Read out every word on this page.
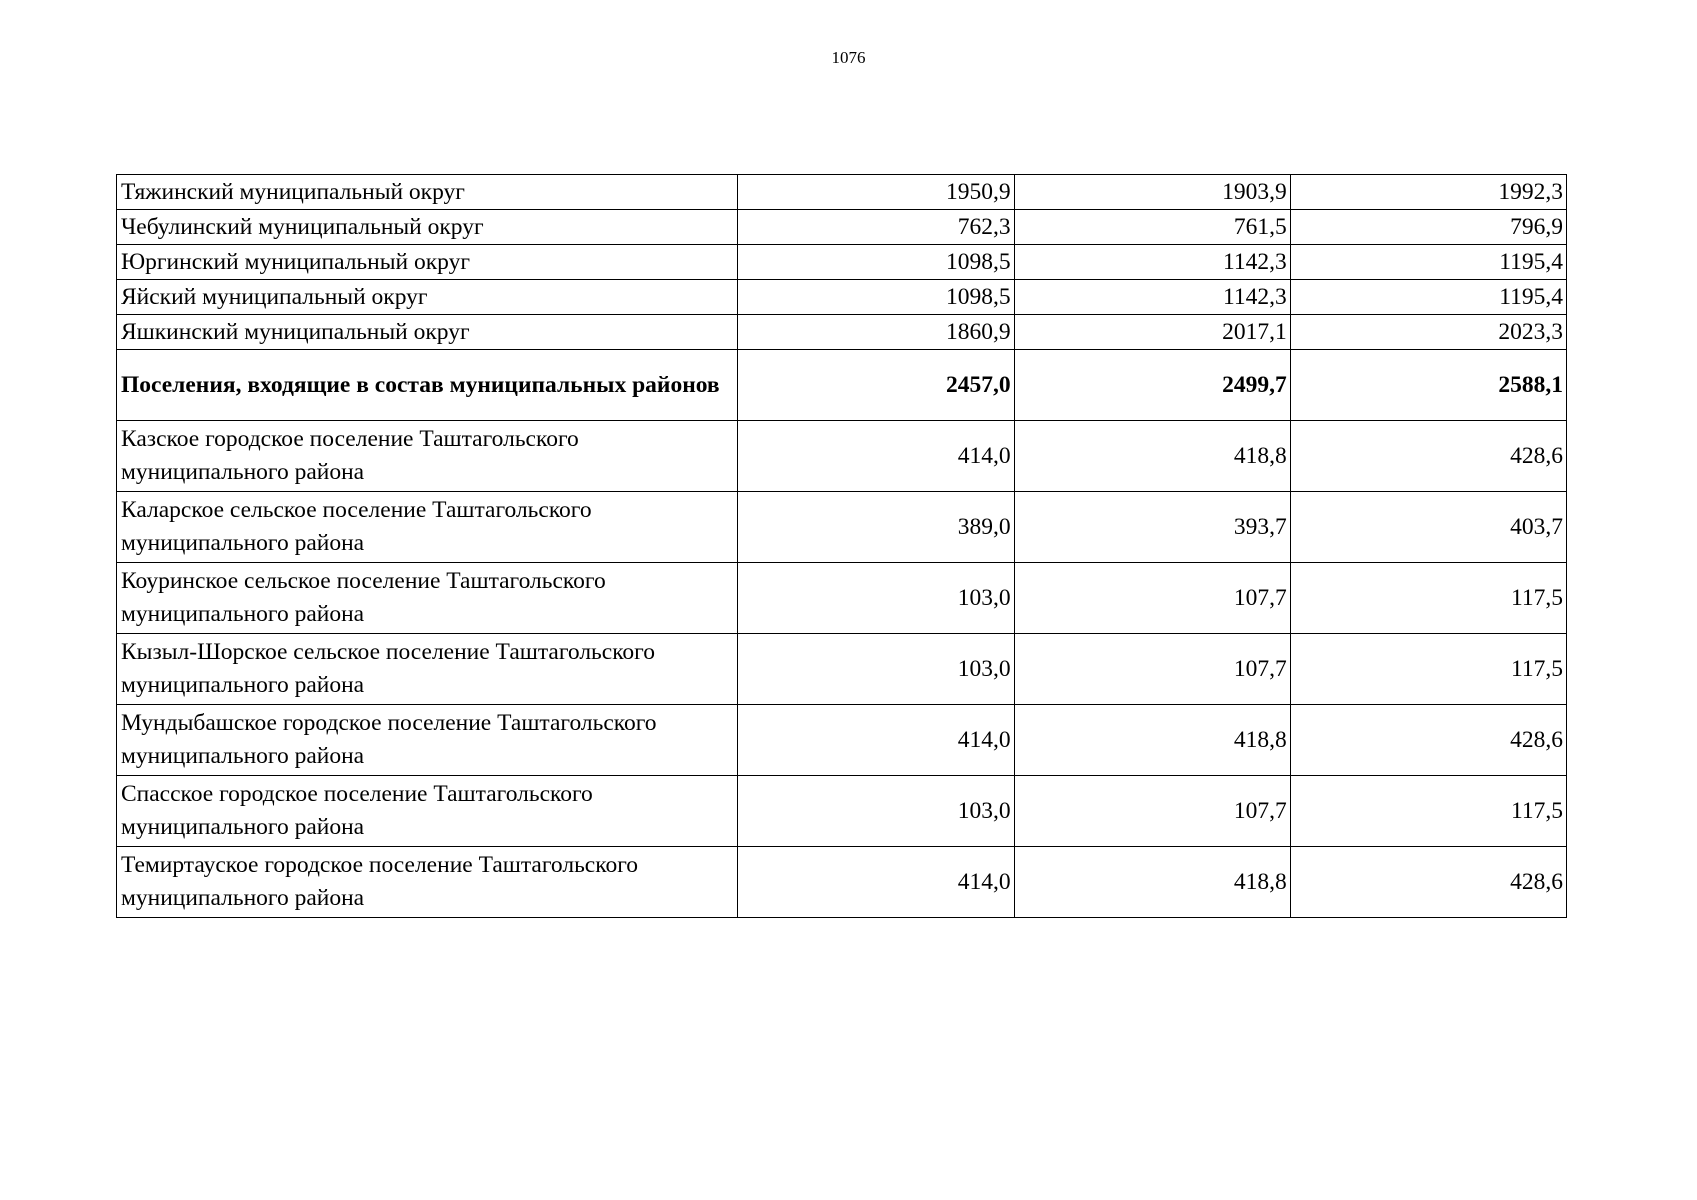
1076
Тяжинский муниципальный округ	1950,9	1903,9	1992,3
Чебулинский муниципальный округ	762,3	761,5	796,9
Юргинский муниципальный округ	1098,5	1142,3	1195,4
Яйский муниципальный округ	1098,5	1142,3	1195,4
Яшкинский муниципальный округ	1860,9	2017,1	2023,3
Поселения, входящие в состав муниципальных районов	2457,0	2499,7	2588,1
Казское городское поселение Таштагольского муниципального района	414,0	418,8	428,6
Каларское сельское поселение Таштагольского муниципального района	389,0	393,7	403,7
Коуринское сельское поселение Таштагольского муниципального района	103,0	107,7	117,5
Кызыл-Шорское сельское поселение Таштагольского муниципального района	103,0	107,7	117,5
Мундыбашское городское поселение Таштагольского муниципального района	414,0	418,8	428,6
Спасское городское поселение Таштагольского муниципального района	103,0	107,7	117,5
Темиртауское городское поселение Таштагольского муниципального района	414,0	418,8	428,6
